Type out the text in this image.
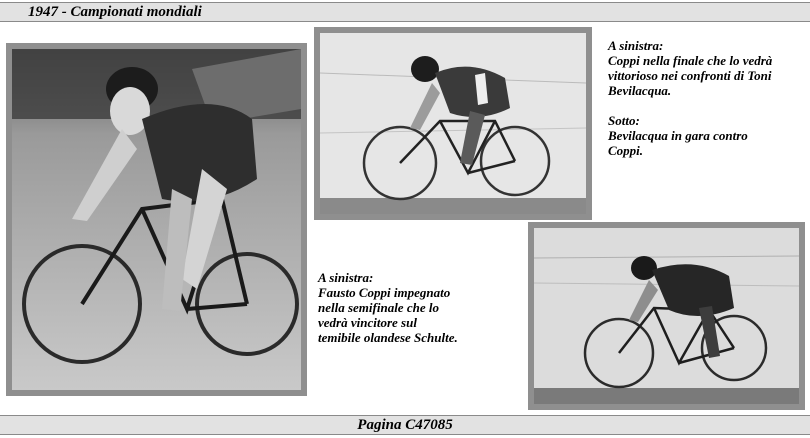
1947 - Campionati mondiali

A sinistra:

Coppi nella finale che lo vedrà

vittorioso nei confronti di Toni

Bevilacqua.

Sotto:

Bevilacqua in gara contro

Coppi.

A sinistra:

Fausto Coppi impegnato

nella semifinale che lo

vedrà vincitore sul

temibile olandese Schulte.

Pagina C47085
